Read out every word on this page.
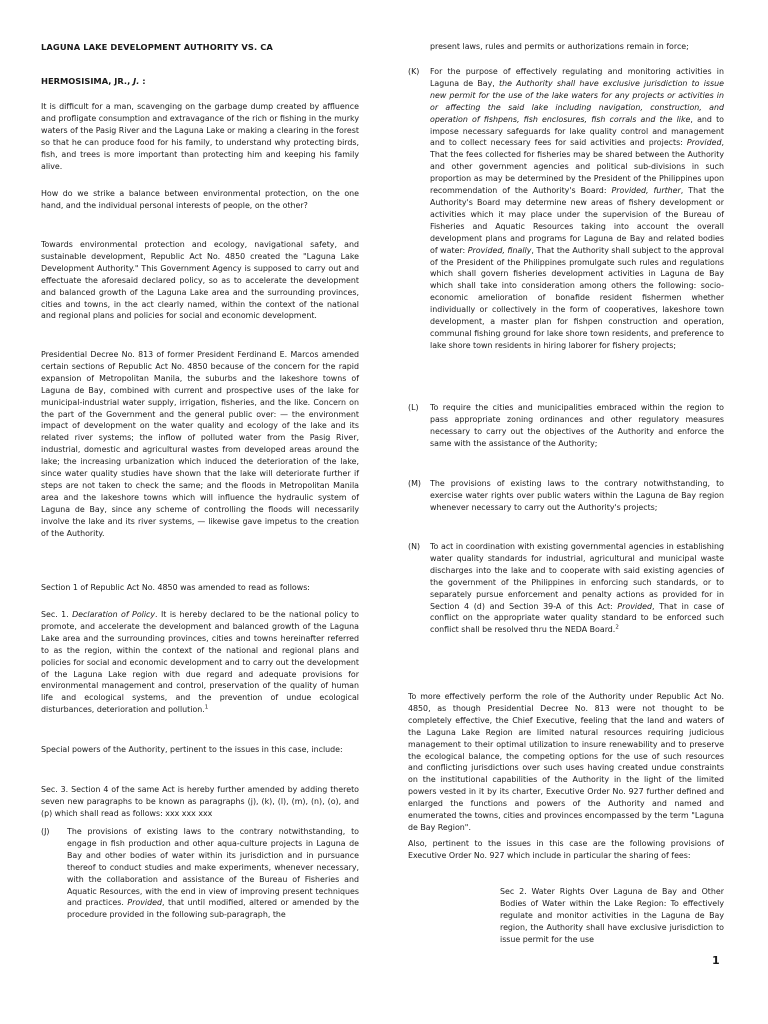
LAGUNA LAKE DEVELOPMENT AUTHORITY VS. CA
HERMOSISIMA, JR., J. :

It is difficult for a man, scavenging on the garbage dump created by affluence and profligate consumption and extravagance of the rich or fishing in the murky waters of the Pasig River and the Laguna Lake or making a clearing in the forest so that he can produce food for his family, to understand why protecting birds, fish, and trees is more important than protecting him and keeping his family alive.

How do we strike a balance between environmental protection, on the one hand, and the individual personal interests of people, on the other?

Towards environmental protection and ecology, navigational safety, and sustainable development, Republic Act No. 4850 created the "Laguna Lake Development Authority." This Government Agency is supposed to carry out and effectuate the aforesaid declared policy, so as to accelerate the development and balanced growth of the Laguna Lake area and the surrounding provinces, cities and towns, in the act clearly named, within the context of the national and regional plans and policies for social and economic development.

Presidential Decree No. 813 of former President Ferdinand E. Marcos amended certain sections of Republic Act No. 4850 because of the concern for the rapid expansion of Metropolitan Manila, the suburbs and the lakeshore towns of Laguna de Bay, combined with current and prospective uses of the lake for municipal-industrial water supply, irrigation, fisheries, and the like. Concern on the part of the Government and the general public over: — the environment impact of development on the water quality and ecology of the lake and its related river systems; the inflow of polluted water from the Pasig River, industrial, domestic and agricultural wastes from developed areas around the lake; the increasing urbanization which induced the deterioration of the lake, since water quality studies have shown that the lake will deteriorate further if steps are not taken to check the same; and the floods in Metropolitan Manila area and the lakeshore towns which will influence the hydraulic system of Laguna de Bay, since any scheme of controlling the floods will necessarily involve the lake and its river systems, — likewise gave impetus to the creation of the Authority.

Section 1 of Republic Act No. 4850 was amended to read as follows:

Sec. 1. Declaration of Policy. It is hereby declared to be the national policy to promote, and accelerate the development and balanced growth of the Laguna Lake area and the surrounding provinces, cities and towns hereinafter referred to as the region, within the context of the national and regional plans and policies for social and economic development and to carry out the development of the Laguna Lake region with due regard and adequate provisions for environmental management and control, preservation of the quality of human life and ecological systems, and the prevention of undue ecological disturbances, deterioration and pollution.$^1$

Special powers of the Authority, pertinent to the issues in this case, include:

Sec. 3. Section 4 of the same Act is hereby further amended by adding thereto seven new paragraphs to be known as paragraphs (j), (k), (l), (m), (n), (o), and (p) which shall read as follows: xxx xxx xxx

(J) The provisions of existing laws to the contrary notwithstanding, to engage in fish production and other aqua-culture projects in Laguna de Bay and other bodies of water within its jurisdiction and in pursuance thereof to conduct studies and make experiments, whenever necessary, with the collaboration and assistance of the Bureau of Fisheries and Aquatic Resources, with the end in view of improving present techniques and practices. Provided, that until modified, altered or amended by the procedure provided in the following sub-paragraph, the

present laws, rules and permits or authorizations remain in force;

(K) For the purpose of effectively regulating and monitoring activities in Laguna de Bay, the Authority shall have exclusive jurisdiction to issue new permit for the use of the lake waters for any projects or activities in or affecting the said lake including navigation, construction, and operation of fishpens, fish enclosures, fish corrals and the like, and to impose necessary safeguards for lake quality control and management and to collect necessary fees for said activities and projects: Provided, That the fees collected for fisheries may be shared between the Authority and other government agencies and political sub-divisions in such proportion as may be determined by the President of the Philippines upon recommendation of the Authority's Board: Provided, further, That the Authority's Board may determine new areas of fishery development or activities which it may place under the supervision of the Bureau of Fisheries and Aquatic Resources taking into account the overall development plans and programs for Laguna de Bay and related bodies of water: Provided, finally, That the Authority shall subject to the approval of the President of the Philippines promulgate such rules and regulations which shall govern fisheries development activities in Laguna de Bay which shall take into consideration among others the following: socio-economic amelioration of bonafide resident fishermen whether individually or collectively in the form of cooperatives, lakeshore town development, a master plan for fishpen construction and operation, communal fishing ground for lake shore town residents, and preference to lake shore town residents in hiring laborer for fishery projects;

(L) To require the cities and municipalities embraced within the region to pass appropriate zoning ordinances and other regulatory measures necessary to carry out the objectives of the Authority and enforce the same with the assistance of the Authority;

(M) The provisions of existing laws to the contrary notwithstanding, to exercise water rights over public waters within the Laguna de Bay region whenever necessary to carry out the Authority's projects;

(N) To act in coordination with existing governmental agencies in establishing water quality standards for industrial, agricultural and municipal waste discharges into the lake and to cooperate with said existing agencies of the government of the Philippines in enforcing such standards, or to separately pursue enforcement and penalty actions as provided for in Section 4 (d) and Section 39-A of this Act: Provided, That in case of conflict on the appropriate water quality standard to be enforced such conflict shall be resolved thru the NEDA Board.$^2$

To more effectively perform the role of the Authority under Republic Act No. 4850, as though Presidential Decree No. 813 were not thought to be completely effective, the Chief Executive, feeling that the land and waters of the Laguna Lake Region are limited natural resources requiring judicious management to their optimal utilization to insure renewability and to preserve the ecological balance, the competing options for the use of such resources and conflicting jurisdictions over such uses having created undue constraints on the institutional capabilities of the Authority in the light of the limited powers vested in it by its charter, Executive Order No. 927 further defined and enlarged the functions and powers of the Authority and named and enumerated the towns, cities and provinces encompassed by the term "Laguna de Bay Region".

Also, pertinent to the issues in this case are the following provisions of Executive Order No. 927 which include in particular the sharing of fees:

Sec 2. Water Rights Over Laguna de Bay and Other Bodies of Water within the Lake Region: To effectively regulate and monitor activities in the Laguna de Bay region, the Authority shall have exclusive jurisdiction to issue permit for the use

1
